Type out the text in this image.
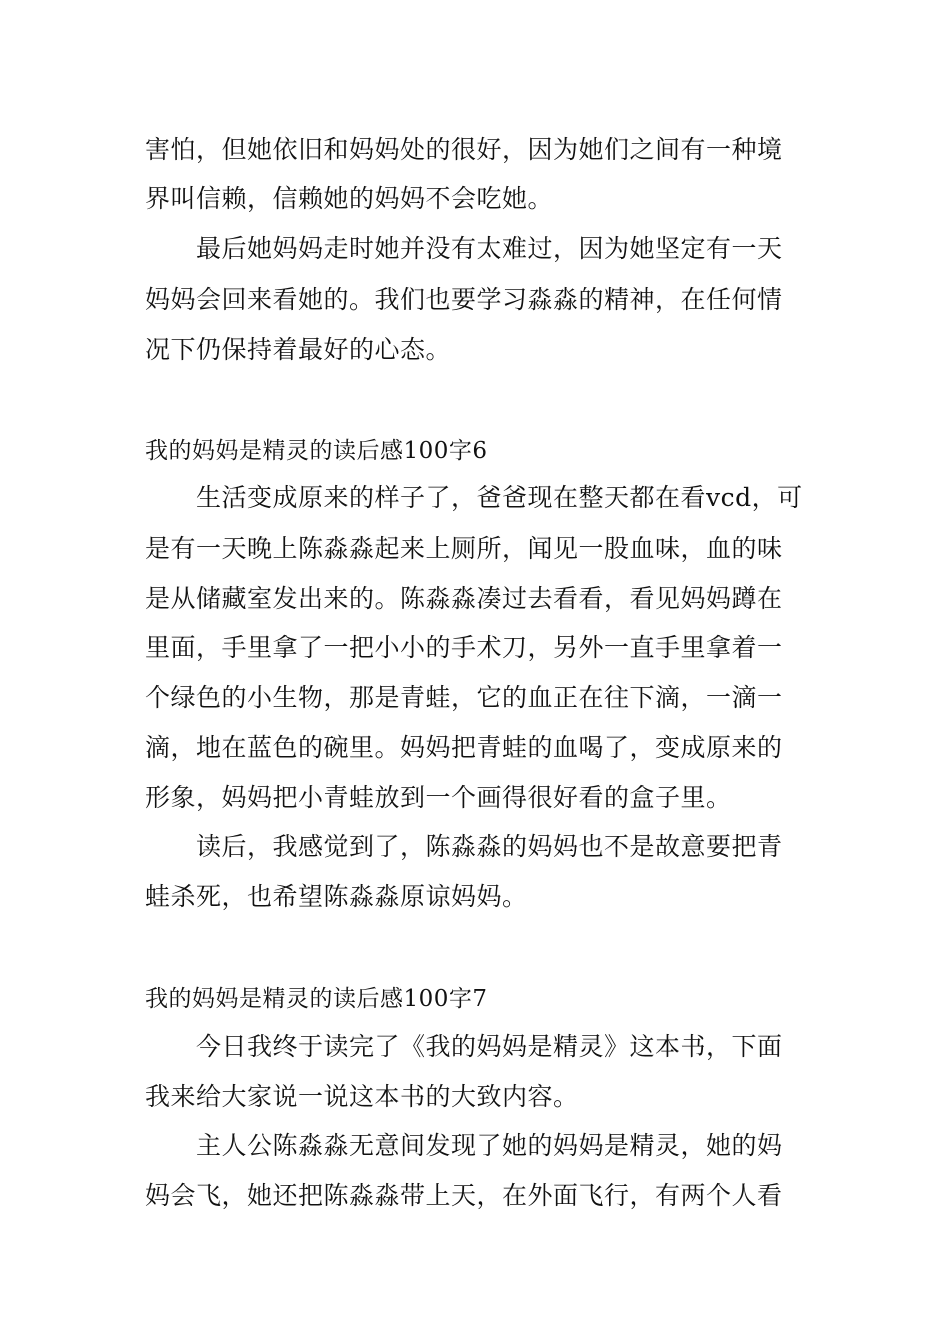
害怕，但她依旧和妈妈处的很好，因为她们之间有一种境
界叫信赖，信赖她的妈妈不会吃她。
　　最后她妈妈走时她并没有太难过，因为她坚定有一天
妈妈会回来看她的。我们也要学习淼淼的精神，在任何情
况下仍保持着最好的心态。
我的妈妈是精灵的读后感100字6
　　生活变成原来的样子了，爸爸现在整天都在看vcd，可
是有一天晚上陈淼淼起来上厕所，闻见一股血味，血的味
是从储藏室发出来的。陈淼淼凑过去看看，看见妈妈蹲在
里面，手里拿了一把小小的手术刀，另外一直手里拿着一
个绿色的小生物，那是青蛙，它的血正在往下滴，一滴一
滴，地在蓝色的碗里。妈妈把青蛙的血喝了，变成原来的
形象，妈妈把小青蛙放到一个画得很好看的盒子里。
　　读后，我感觉到了，陈淼淼的妈妈也不是故意要把青
蛙杀死，也希望陈淼淼原谅妈妈。
我的妈妈是精灵的读后感100字7
　　今日我终于读完了《我的妈妈是精灵》这本书，下面
我来给大家说一说这本书的大致内容。
　　主人公陈淼淼无意间发现了她的妈妈是精灵，她的妈
妈会飞，她还把陈淼淼带上天，在外面飞行，有两个人看
